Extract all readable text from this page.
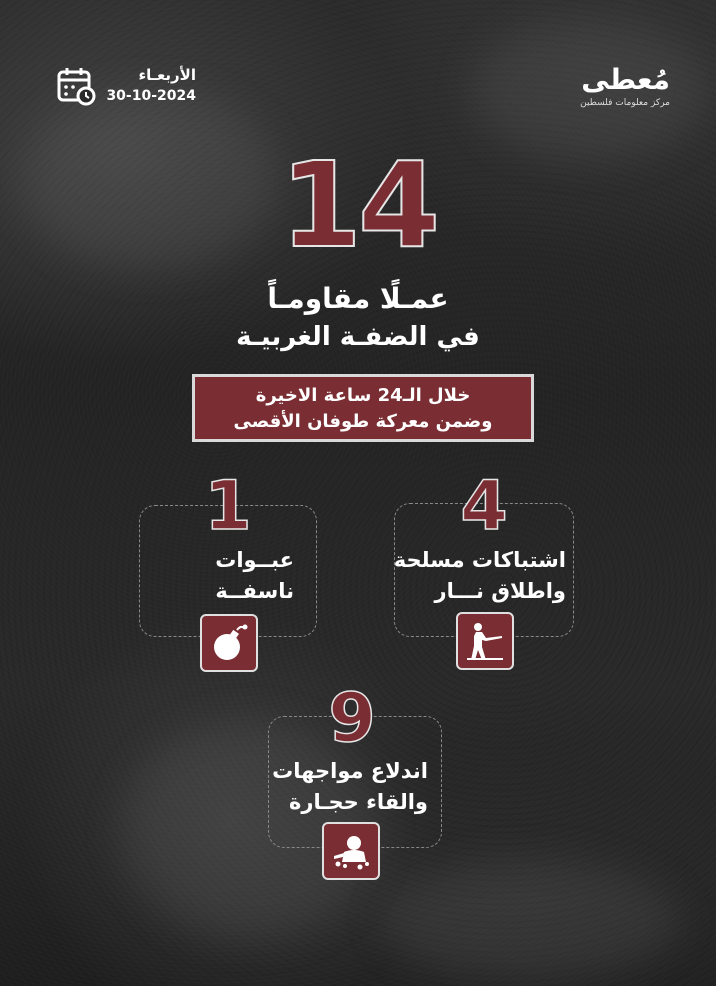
الأربعـاء
30-10-2024	مُعطى
مركز معلومات فلسطين
14
عمـلًا مقاومـاً
في الضفـة الغربيـة
خلال الـ24 ساعة الاخيرة
وضمن معركة طوفان الأقصى
4
اشتباكات مسلحة
واطلاق نـــار
1
عبــوات
ناسفــة
9
اندلاع مواجهات
والقاء حجـارة
